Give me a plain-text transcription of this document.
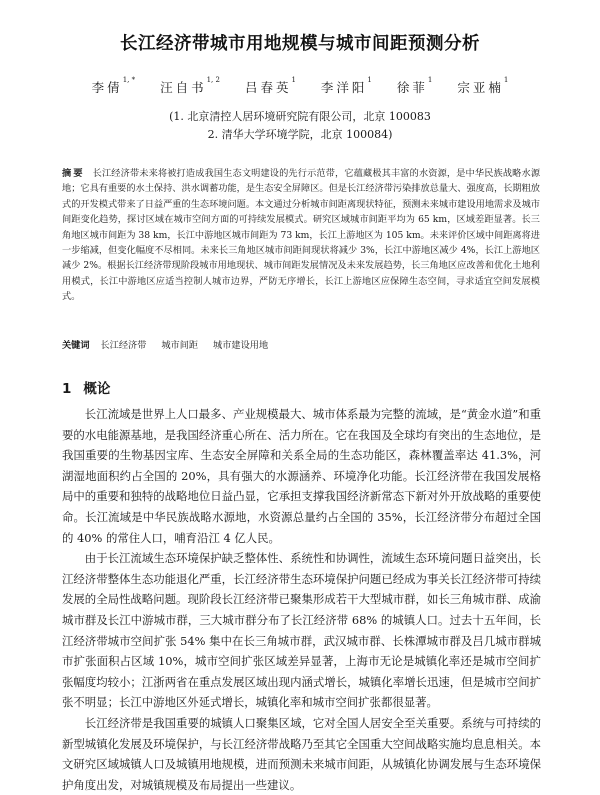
长江经济带城市用地规模与城市间距预测分析
李倩$^{1, *}$ 汪自书$^{1, 2}$ 吕春英$^1$ 李洋阳$^1$ 徐菲$^1$ 宗亚楠$^1$
(1. 北京清控人居环境研究院有限公司，北京 100083
2. 清华大学环境学院，北京 100084)
摘要 长江经济带未来将被打造成我国生态文明建设的先行示范带，它蕴藏极其丰富的水资源，是中华民族战略水源地；它具有重要的水土保持、洪水调蓄功能，是生态安全屏障区。但是长江经济带污染排放总量大、强度高，长期粗放式的开发模式带来了日益严重的生态环境问题。本文通过分析城市间距离现状特征，预测未来城市建设用地需求及城市间距变化趋势，探讨区域在城市空间方面的可持续发展模式。研究区域城市间距平均为 65 km，区域差距显著。长三角地区城市间距为 38 km，长江中游地区城市间距为 73 km，长江上游地区为 105 km。未来评价区域中间距离将进一步缩减，但变化幅度不尽相同。未来长三角地区城市间距间现状将减少 3%，长江中游地区减少 4%，长江上游地区减少 2%。根据长江经济带现阶段城市用地现状、城市间距发展情况及未来发展趋势，长三角地区应改善和优化土地利用模式，长江中游地区应适当控制人城市边界，严防无序增长，长江上游地区应保障生态空间，寻求适宜空间发展模式。
关键词 长江经济带 城市间距 城市建设用地
1 概论

长江流域是世界上人口最多、产业规模最大、城市体系最为完整的流域，是“黄金水道”和重要的水电能源基地，是我国经济重心所在、活力所在。它在我国及全球均有突出的生态地位，是我国重要的生物基因宝库、生态安全屏障和关系全局的生态功能区，森林覆盖率达 41.3%，河湖湿地面积约占全国的 20%，具有强大的水源涵养、环境净化功能。长江经济带在我国发展格局中的重要和独特的战略地位日益凸显，它承担支撑我国经济新常态下新对外开放战略的重要使命。长江流域是中华民族战略水源地，水资源总量约占全国的 35%，长江经济带分布超过全国的 40% 的常住人口，哺育沿江 4 亿人民。

由于长江流域生态环境保护缺乏整体性、系统性和协调性，流域生态环境问题日益突出，长江经济带整体生态功能退化严重，长江经济带生态环境保护问题已经成为事关长江经济带可持续发展的全局性战略问题。现阶段长江经济带已聚集形成若干大型城市群，如长三角城市群、成渝城市群及长江中游城市群，三大城市群分布了长江经济带 68% 的城镇人口。过去十五年间，长江经济带城市空间扩张 54% 集中在长三角城市群，武汉城市群、长株潭城市群及吕几城市群城市扩张面积占区域 10%，城市空间扩张区域差异显著，上海市无论是城镇化率还是城市空间扩张幅度均较小；江浙两省在重点发展区域出现内涵式增长，城镇化率增长迅速，但是城市空间扩张不明显；长江中游地区外延式增长，城镇化率和城市空间扩张都很显著。

长江经济带是我国重要的城镇人口聚集区域，它对全国人居安全至关重要。系统与可持续的新型城镇化发展及环境保护，与长江经济带战略乃至其它全国重大空间战略实施均息息相关。本文研究区域城镇人口及城镇用地规模，进而预测未来城市间距，从城镇化协调发展与生态环境保护角度出发，对城镇规模及布局提出一些建议。
